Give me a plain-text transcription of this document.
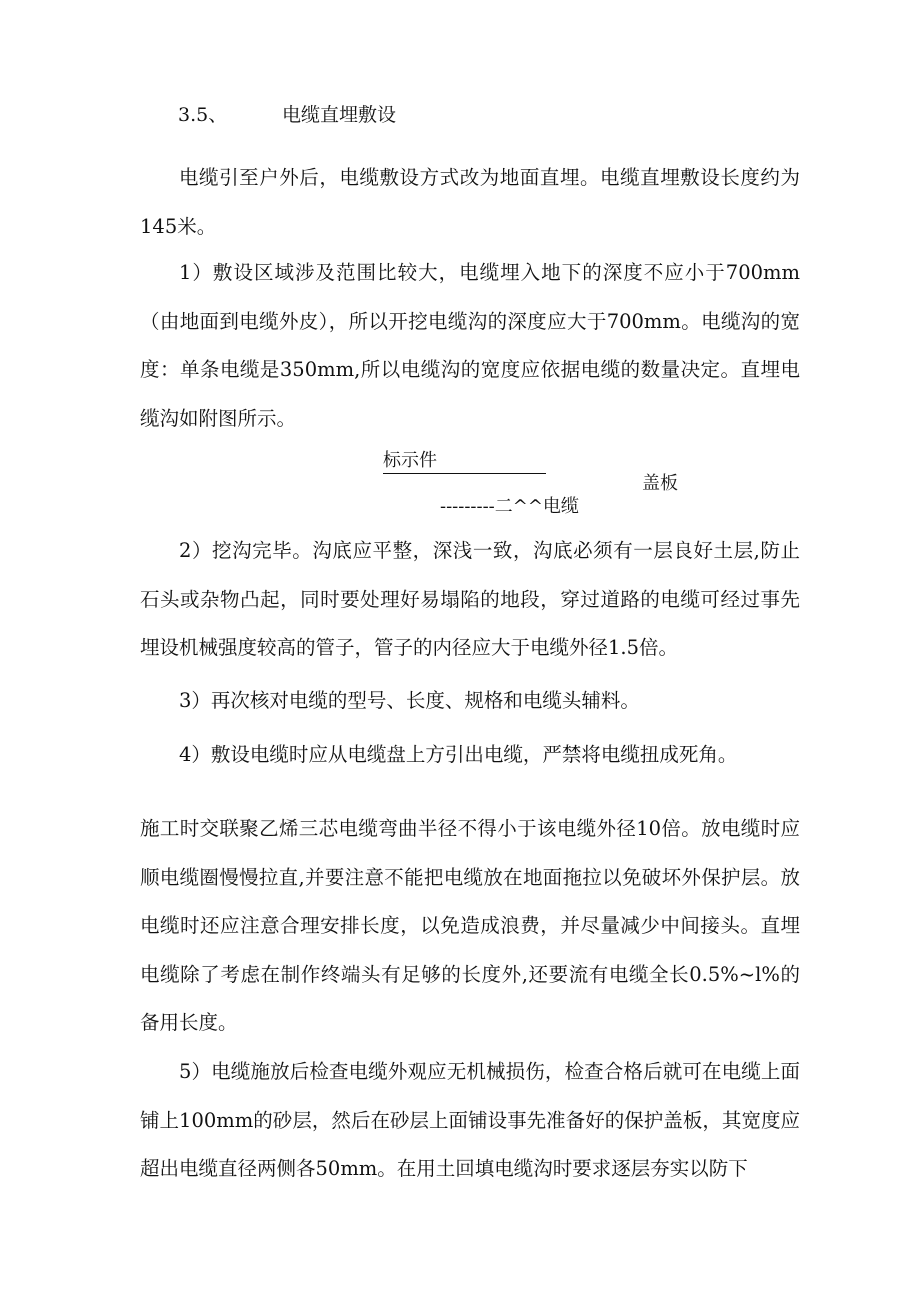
3.5、	电缆直埋敷设

电缆引至户外后，电缆敷设方式改为地面直埋。电缆直埋敷设长度约为145米。

1）敷设区域涉及范围比较大，电缆埋入地下的深度不应小于700mm（由地面到电缆外皮），所以开挖电缆沟的深度应大于700mm。电缆沟的宽度：单条电缆是350mm,所以电缆沟的宽度应依据电缆的数量决定。直埋电缆沟如附图所示。

标示件
盖板
---------二^^电缆

2）挖沟完毕。沟底应平整，深浅一致，沟底必须有一层良好土层,防止石头或杂物凸起，同时要处理好易塌陷的地段，穿过道路的电缆可经过事先埋设机械强度较高的管子，管子的内径应大于电缆外径1.5倍。

3）再次核对电缆的型号、长度、规格和电缆头辅料。

4）敷设电缆时应从电缆盘上方引出电缆，严禁将电缆扭成死角。

施工时交联聚乙烯三芯电缆弯曲半径不得小于该电缆外径10倍。放电缆时应顺电缆圈慢慢拉直,并要注意不能把电缆放在地面拖拉以免破坏外保护层。放电缆时还应注意合理安排长度，以免造成浪费，并尽量减少中间接头。直埋电缆除了考虑在制作终端头有足够的长度外,还要流有电缆全长0.5%~l%的备用长度。

5）电缆施放后检查电缆外观应无机械损伤，检查合格后就可在电缆上面铺上100mm的砂层，然后在砂层上面铺设事先准备好的保护盖板，其宽度应超出电缆直径两侧各50mm。在用土回填电缆沟时要求逐层夯实以防下
